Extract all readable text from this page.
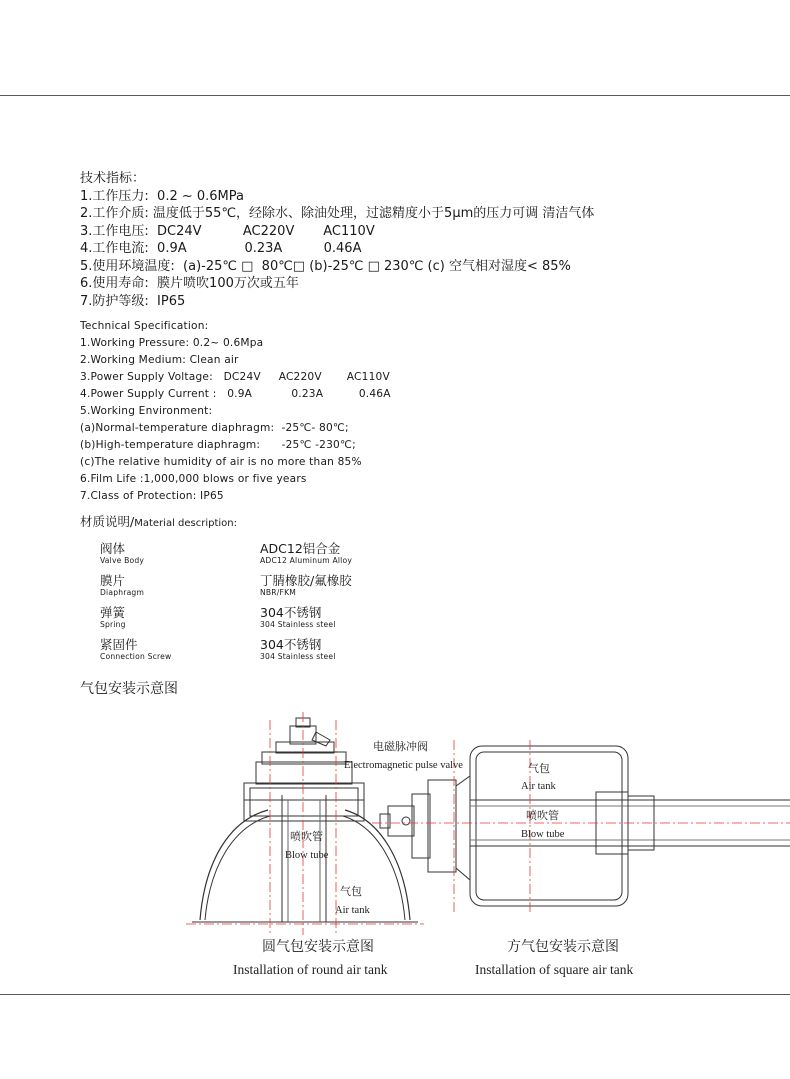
技术指标：
1.工作压力:  0.2 ~ 0.6MPa
2.工作介质: 温度低于55℃，经除水、除油处理，过滤精度小于5μm的压力可调 清洁气体
3.工作电压:  DC24V          AC220V       AC110V
4.工作电流:  0.9A              0.23A          0.46A
5.使用环境温度:  (a)-25℃ □  80℃□ (b)-25℃ □ 230℃ (c) 空气相对湿度< 85%
6.使用寿命:  膜片喷吹100万次或五年
7.防护等级:  IP65
Technical Specification:
1.Working Pressure: 0.2~ 0.6Mpa
2.Working Medium: Clean air
3.Power Supply Voltage:   DC24V     AC220V       AC110V
4.Power Supply Current :   0.9A           0.23A          0.46A
5.Working Environment:
(a)Normal-temperature diaphragm:  -25℃- 80℃;
(b)High-temperature diaphragm:      -25℃ -230℃;
(c)The relative humidity of air is no more than 85%
6.Film Life :1,000,000 blows or five years
7.Class of Protection: IP65
材质说明/Material description:
阀体
Valve Body
ADC12铝合金
ADC12 Aluminum Alloy
膜片
Diaphragm
丁腈橡胶/氟橡胶
NBR/FKM
弹簧
Spring
304不锈钢
304 Stainless steel
紧固件
Connection Screw
304不锈钢
304 Stainless steel
气包安装示意图
电磁脉冲阀
Electromagnetic pulse valve	气包
Air tank
喷吹管
Blow tube
喷吹管
Blow tube
气包
Air tank
圆气包安装示意图
Installation of round air tank
方气包安装示意图
Installation of square air tank
